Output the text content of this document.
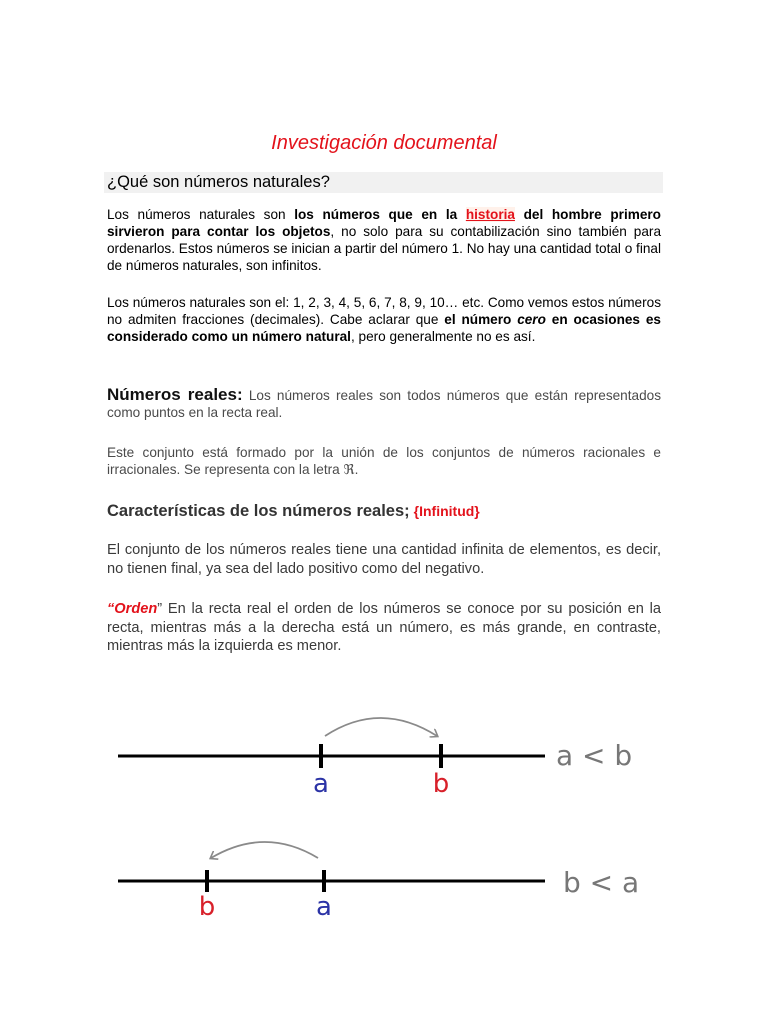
Investigación documental
¿Qué son números naturales?
Los números naturales son los números que en la historia del hombre primero sirvieron para contar los objetos, no solo para su contabilización sino también para ordenarlos. Estos números se inician a partir del número 1. No hay una cantidad total o final de números naturales, son infinitos.
Los números naturales son el: 1, 2, 3, 4, 5, 6, 7, 8, 9, 10… etc. Como vemos estos números no admiten fracciones (decimales). Cabe aclarar que el número cero en ocasiones es considerado como un número natural, pero generalmente no es así.
Números reales: Los números reales son todos números que están representados como puntos en la recta real.
Este conjunto está formado por la unión de los conjuntos de números racionales e irracionales. Se representa con la letra ℜ.
Características de los números reales; {Infinitud}
El conjunto de los números reales tiene una cantidad infinita de elementos, es decir, no tienen final, ya sea del lado positivo como del negativo.
“Orden” En la recta real el orden de los números se conoce por su posición en la recta, mientras más a la derecha está un número, es más grande, en contraste, mientras más la izquierda es menor.
a	b
a < b
b	a
b < a
